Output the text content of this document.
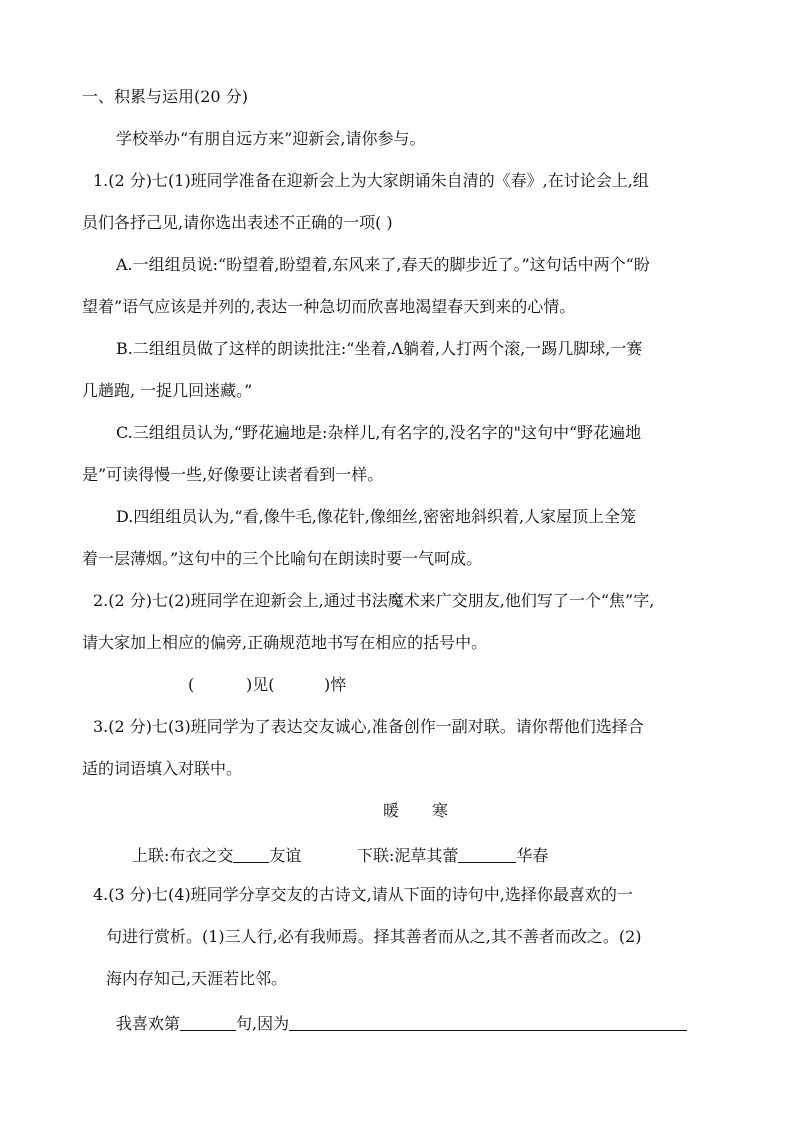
一、积累与运用(20 分)
学校举办“有朋自远方来”迎新会,请你参与。
1.(2 分)七(1)班同学准备在迎新会上为大家朗诵朱自清的《春》,在讨论会上,组
员们各抒己见,请你选出表述不正确的一项( )
A.一组组员说:“盼望着,盼望着,东风来了,春天的脚步近了。”这句话中两个“盼
望着”语气应该是并列的,表达一种急切而欣喜地渴望春天到来的心情。
B.二组组员做了这样的朗读批注:“坐着,Λ躺着,人打两个滚,一踢几脚球,一赛
几趟跑, 一捉几回迷藏。”
C.三组组员认为,“野花遍地是:杂样儿,有名字的,没名字的"这句中“野花遍地
是”可读得慢一些,好像要让读者看到一样。
D.四组组员认为,“看,像牛毛,像花针,像细丝,密密地斜织着,人家屋顶上全笼
着一层薄烟。”这句中的三个比喻句在朗读时要一气呵成。
2.(2 分)七(2)班同学在迎新会上,通过书法魔术来广交朋友,他们写了一个“焦”字,
请大家加上相应的偏旁,正确规范地书写在相应的括号中。
(	)见(	)悴
3.(2 分)七(3)班同学为了表达交友诚心,准备创作一副对联。请你帮他们选择合
适的词语填入对联中。
暖 寒
上联:布衣之交 友谊	下联:泥草其蕾	华春
4.(3 分)七(4)班同学分享交友的古诗文,请从下面的诗句中,选择你最喜欢的一
句进行赏析。(1)三人行,必有我师焉。择其善者而从之,其不善者而改之。(2)
海内存知己,天涯若比邻。
我喜欢第	句,因为
